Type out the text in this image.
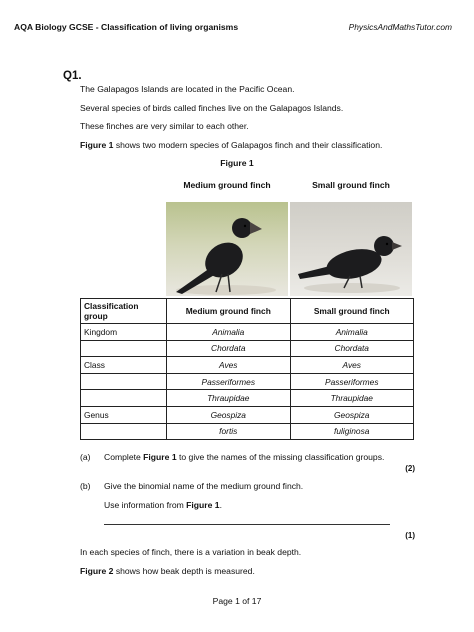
AQA Biology GCSE - Classification of living organisms	PhysicsAndMathsTutor.com
Q1.
The Galapagos Islands are located in the Pacific Ocean.
Several species of birds called finches live on the Galapagos Islands.
These finches are very similar to each other.
Figure 1 shows two modern species of Galapagos finch and their classification.
Figure 1
Medium ground finch	Small ground finch
Classification group	Medium ground finch	Small ground finch
Kingdom	Animalia	Animalia
	Chordata	Chordata
Class	Aves	Aves
	Passeriformes	Passeriformes
	Thraupidae	Thraupidae
Genus	Geospiza	Geospiza
	fortis	fuliginosa
(a) Complete Figure 1 to give the names of the missing classification groups.
(2)
(b) Give the binomial name of the medium ground finch.
Use information from Figure 1.
(1)
In each species of finch, there is a variation in beak depth.
Figure 2 shows how beak depth is measured.
Page 1 of 17
